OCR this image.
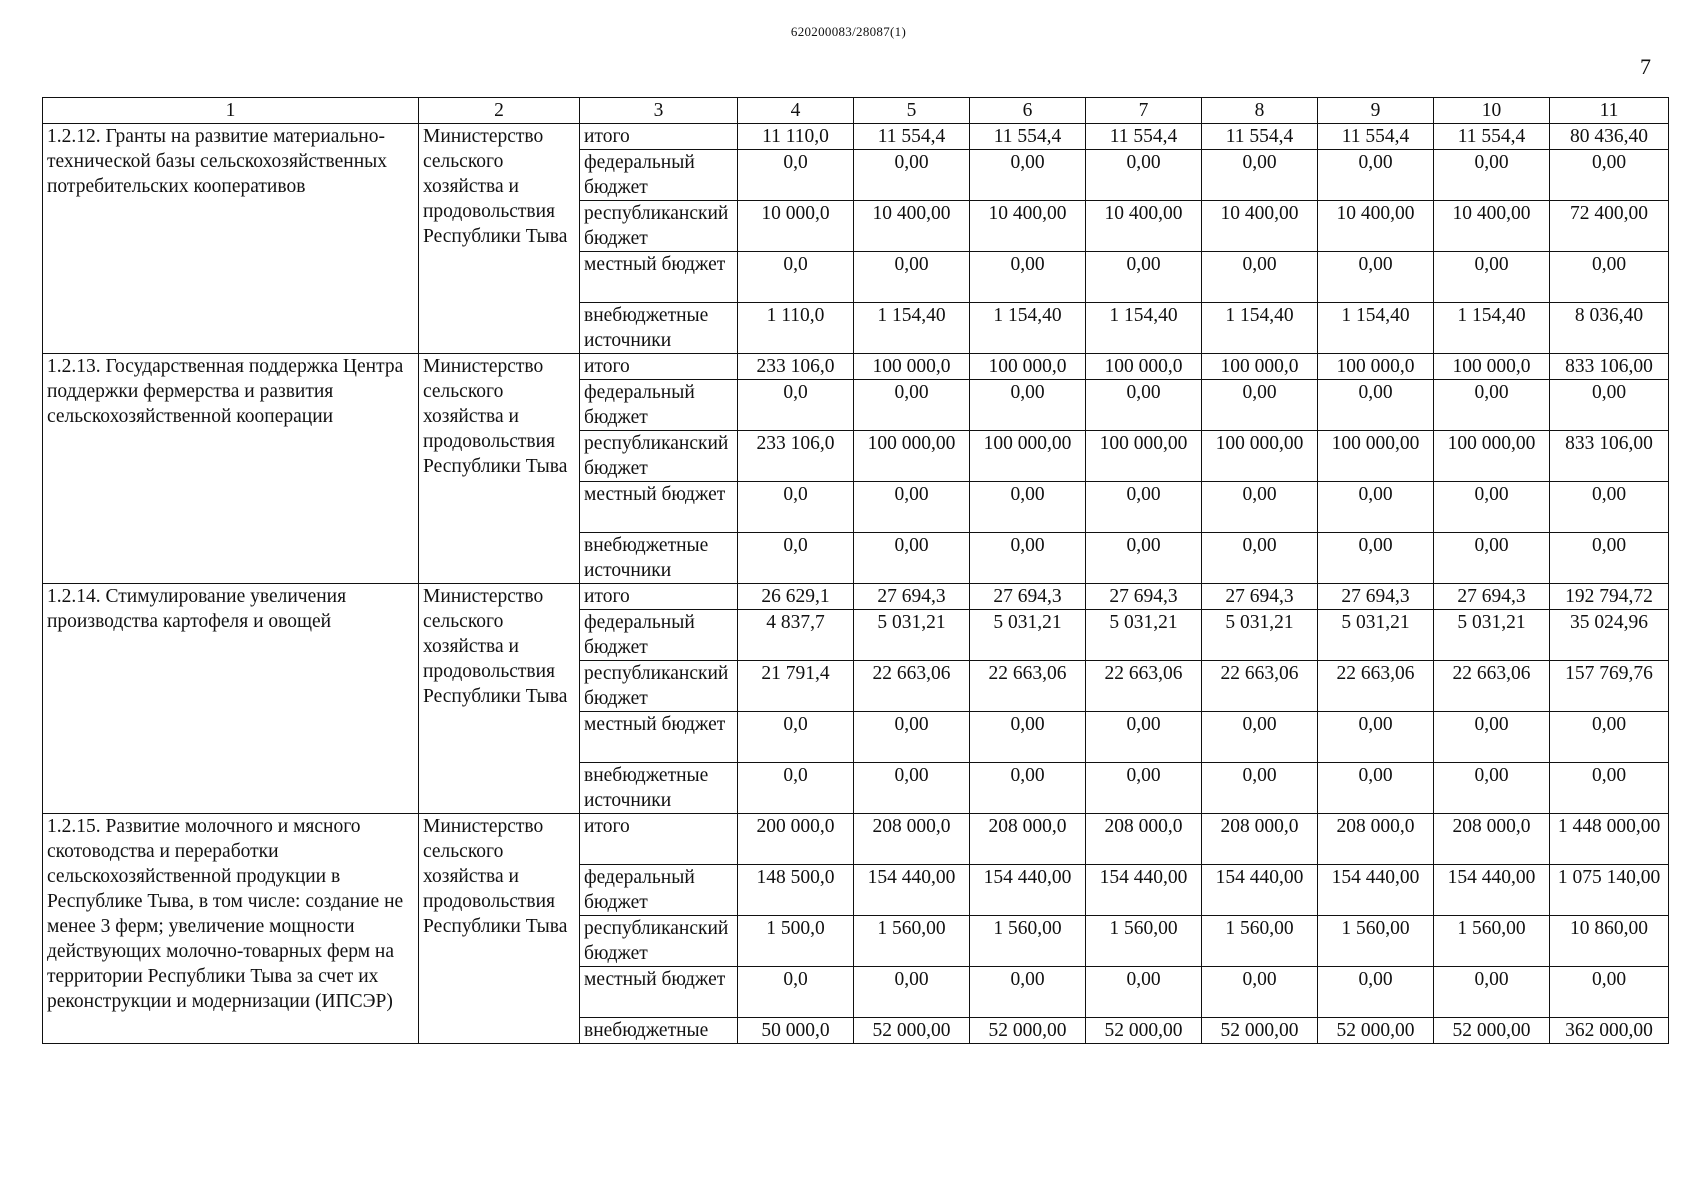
620200083/28087(1)
7
1	2	3	4	5	6	7	8	9	10	11
1.2.12. Гранты на развитие материально-технической базы сельскохозяйственных потребительских кооперативов	Министерство сельского хозяйства и продовольствия Республики Тыва	итого	11 110,0	11 554,4	11 554,4	11 554,4	11 554,4	11 554,4	11 554,4	80 436,40
		федеральный бюджет	0,0	0,00	0,00	0,00	0,00	0,00	0,00	0,00
		республиканский бюджет	10 000,0	10 400,00	10 400,00	10 400,00	10 400,00	10 400,00	10 400,00	72 400,00
		местный бюджет	0,0	0,00	0,00	0,00	0,00	0,00	0,00	0,00
		внебюджетные источники	1 110,0	1 154,40	1 154,40	1 154,40	1 154,40	1 154,40	1 154,40	8 036,40
1.2.13. Государственная поддержка Центра поддержки фермерства и развития сельскохозяйственной кооперации	Министерство сельского хозяйства и продовольствия Республики Тыва	итого	233 106,0	100 000,0	100 000,0	100 000,0	100 000,0	100 000,0	100 000,0	833 106,00
		федеральный бюджет	0,0	0,00	0,00	0,00	0,00	0,00	0,00	0,00
		республиканский бюджет	233 106,0	100 000,00	100 000,00	100 000,00	100 000,00	100 000,00	100 000,00	833 106,00
		местный бюджет	0,0	0,00	0,00	0,00	0,00	0,00	0,00	0,00
		внебюджетные источники	0,0	0,00	0,00	0,00	0,00	0,00	0,00	0,00
1.2.14. Стимулирование увеличения производства картофеля и овощей	Министерство сельского хозяйства и продовольствия Республики Тыва	итого	26 629,1	27 694,3	27 694,3	27 694,3	27 694,3	27 694,3	27 694,3	192 794,72
		федеральный бюджет	4 837,7	5 031,21	5 031,21	5 031,21	5 031,21	5 031,21	5 031,21	35 024,96
		республиканский бюджет	21 791,4	22 663,06	22 663,06	22 663,06	22 663,06	22 663,06	22 663,06	157 769,76
		местный бюджет	0,0	0,00	0,00	0,00	0,00	0,00	0,00	0,00
		внебюджетные источники	0,0	0,00	0,00	0,00	0,00	0,00	0,00	0,00
1.2.15. Развитие молочного и мясного скотоводства и переработки сельскохозяйственной продукции в Республике Тыва, в том числе: создание не менее 3 ферм; увеличение мощности действующих молочно-товарных ферм на территории Республики Тыва за счет их реконструкции и модернизации (ИПСЭР)	Министерство сельского хозяйства и продовольствия Республики Тыва	итого	200 000,0	208 000,0	208 000,0	208 000,0	208 000,0	208 000,0	208 000,0	1 448 000,00
		федеральный бюджет	148 500,0	154 440,00	154 440,00	154 440,00	154 440,00	154 440,00	154 440,00	1 075 140,00
		республиканский бюджет	1 500,0	1 560,00	1 560,00	1 560,00	1 560,00	1 560,00	1 560,00	10 860,00
		местный бюджет	0,0	0,00	0,00	0,00	0,00	0,00	0,00	0,00
		внебюджетные	50 000,0	52 000,00	52 000,00	52 000,00	52 000,00	52 000,00	52 000,00	362 000,00
